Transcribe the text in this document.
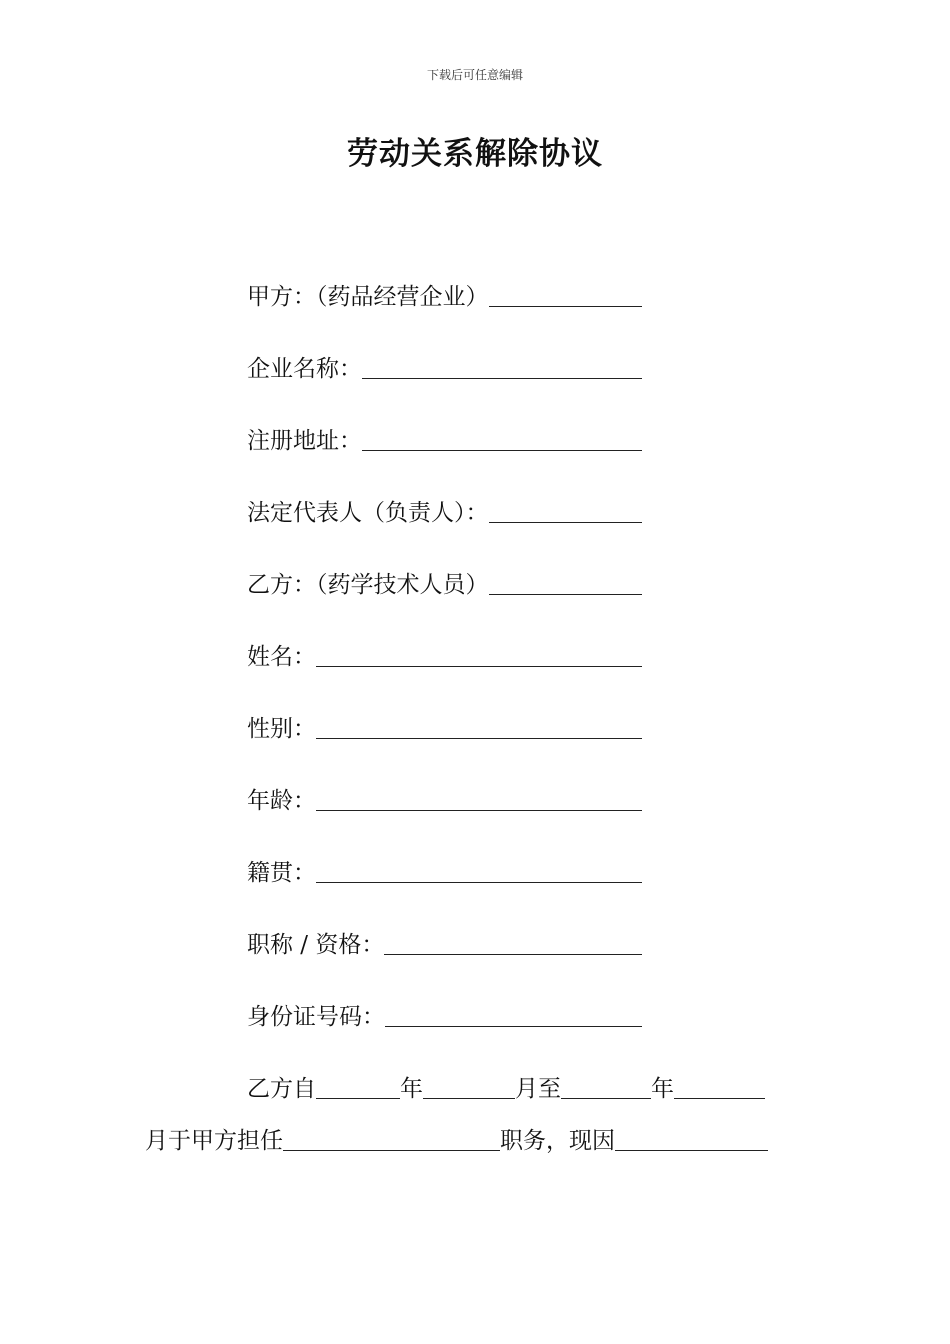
下载后可任意编辑
劳动关系解除协议
甲方：（药品经营企业）
企业名称：
注册地址：
法定代表人（负责人）：
乙方：（药学技术人员）
姓名：
性别：
年龄：
籍贯：
职称 / 资格：
身份证号码：
乙方自	年	月至	年
月于甲方担任	职务，现因
